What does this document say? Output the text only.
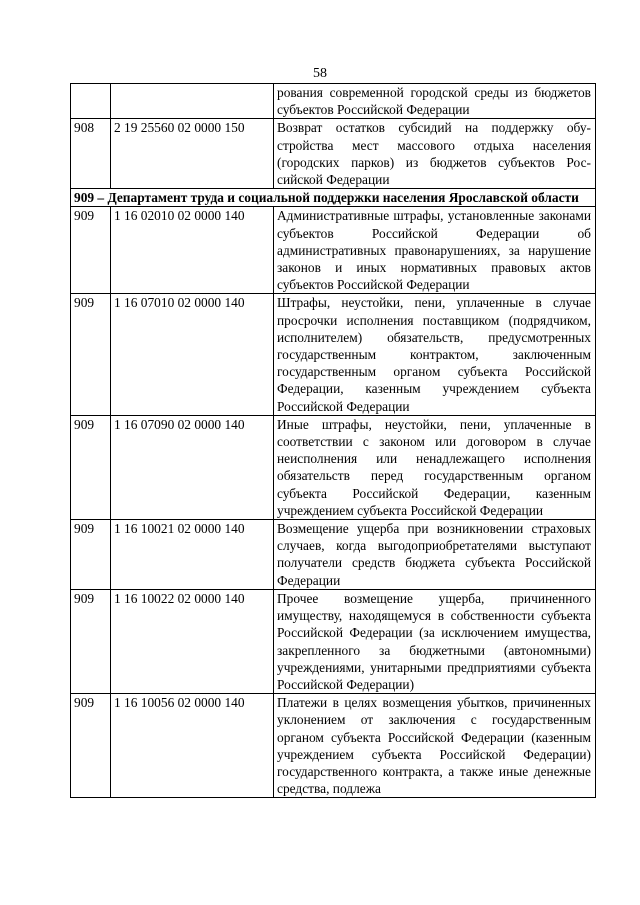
58
		рования современной городской среды из бюджетов субъектов Российской Федерации
908	2 19 25560 02 0000 150	Возврат остатков субсидий на поддержку обустройства мест массового отдыха населения (городских парков) из бюджетов субъектов Российской Федерации

909 – Департамент труда и социальной поддержки населения Ярославской области		

909	1 16 02010 02 0000 140	Административные штрафы, установленные законами субъектов Российской Федерации об административных правонарушениях, за нарушение законов и иных нормативных правовых актов субъектов Российской Федерации
909	1 16 07010 02 0000 140	Штрафы, неустойки, пени, уплаченные в случае просрочки исполнения поставщиком (подрядчиком, исполнителем) обязательств, предусмотренных государственным контрактом, заключенным государственным органом субъекта Российской Федерации, казенным учреждением субъекта Российской Федерации
909	1 16 07090 02 0000 140	Иные штрафы, неустойки, пени, уплаченные в соответствии с законом или договором в случае неисполнения или ненадлежащего исполнения обязательств перед государственным органом субъекта Российской Федерации, казенным учреждением субъекта Российской Федерации
909	1 16 10021 02 0000 140	Возмещение ущерба при возникновении страховых случаев, когда выгодоприобретателями выступают получатели средств бюджета субъекта Российской Федерации
909	1 16 10022 02 0000 140	Прочее возмещение ущерба, причиненного имуществу, находящемуся в собственности субъекта Российской Федерации (за исключением имущества, закрепленного за бюджетными (автономными) учреждениями, унитарными предприятиями субъекта Российской Федерации)
909	1 16 10056 02 0000 140	Платежи в целях возмещения убытков, причиненных уклонением от заключения с государственным органом субъекта Российской Федерации (казенным учреждением субъекта Российской Федерации) государственного контракта, а также иные денежные средства, подлежа
